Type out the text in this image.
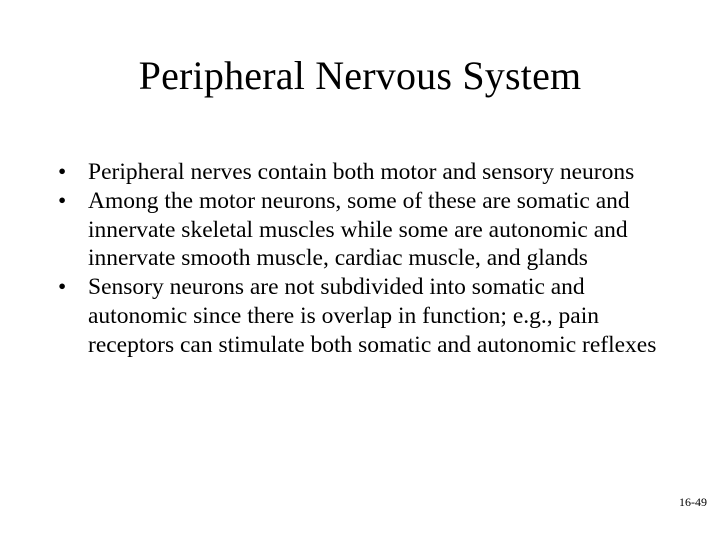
Peripheral Nervous System
• Peripheral nerves contain both motor and sensory neurons
• Among the motor neurons, some of these are somatic and innervate skeletal muscles while some are autonomic and innervate smooth muscle, cardiac muscle, and glands
• Sensory neurons are not subdivided into somatic and autonomic since there is overlap in function; e.g., pain receptors can stimulate both somatic and autonomic reflexes
16-49
